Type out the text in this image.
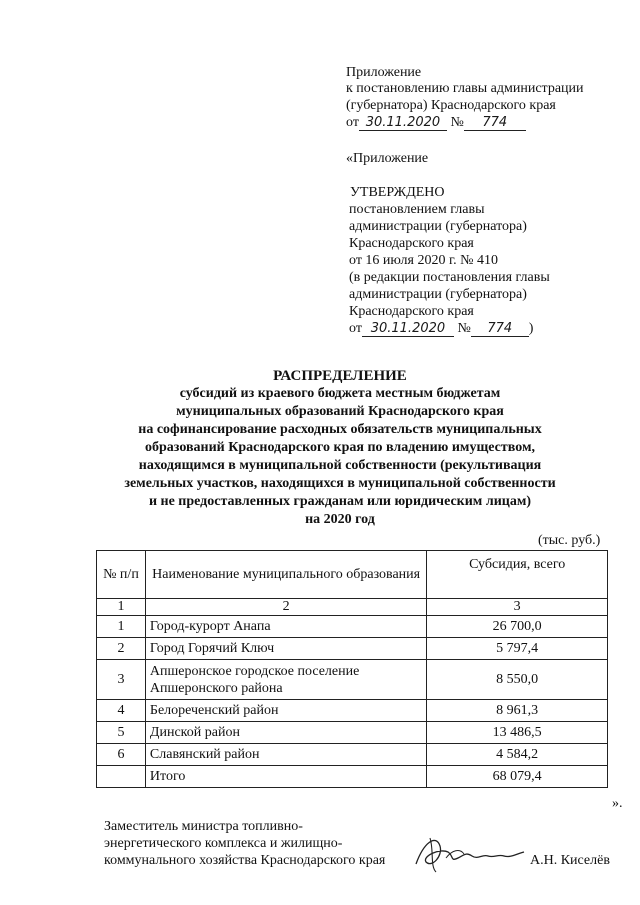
Приложение
к постановлению главы администрации
(губернатора) Краснодарского края
от 30.11.2020 № 774
«Приложение
УТВЕРЖДЕНО
постановлением главы
администрации (губернатора)
Краснодарского края
от 16 июля 2020 г. № 410
(в редакции постановления главы
администрации (губернатора)
Краснодарского края
от 30.11.2020 № 774 )
РАСПРЕДЕЛЕНИЕ
субсидий из краевого бюджета местным бюджетам
муниципальных образований Краснодарского края
на софинансирование расходных обязательств муниципальных
образований Краснодарского края по владению имуществом,
находящимся в муниципальной собственности (рекультивация
земельных участков, находящихся в муниципальной собственности
и не предоставленных гражданам или юридическим лицам)
на 2020 год
(тыс. руб.)
№ п/п	Наименование муниципального образования	Субсидия, всего
1	2	3
1	Город-курорт Анапа	26 700,0
2	Город Горячий Ключ	5 797,4
3	Апшеронское городское поселение Апшеронского района	8 550,0
4	Белореченский район	8 961,3
5	Динской район	13 486,5
6	Славянский район	4 584,2
	Итого	68 079,4
».
Заместитель министра топливно-
энергетического комплекса и жилищно-
коммунального хозяйства Краснодарского края	А.Н. Киселёв
